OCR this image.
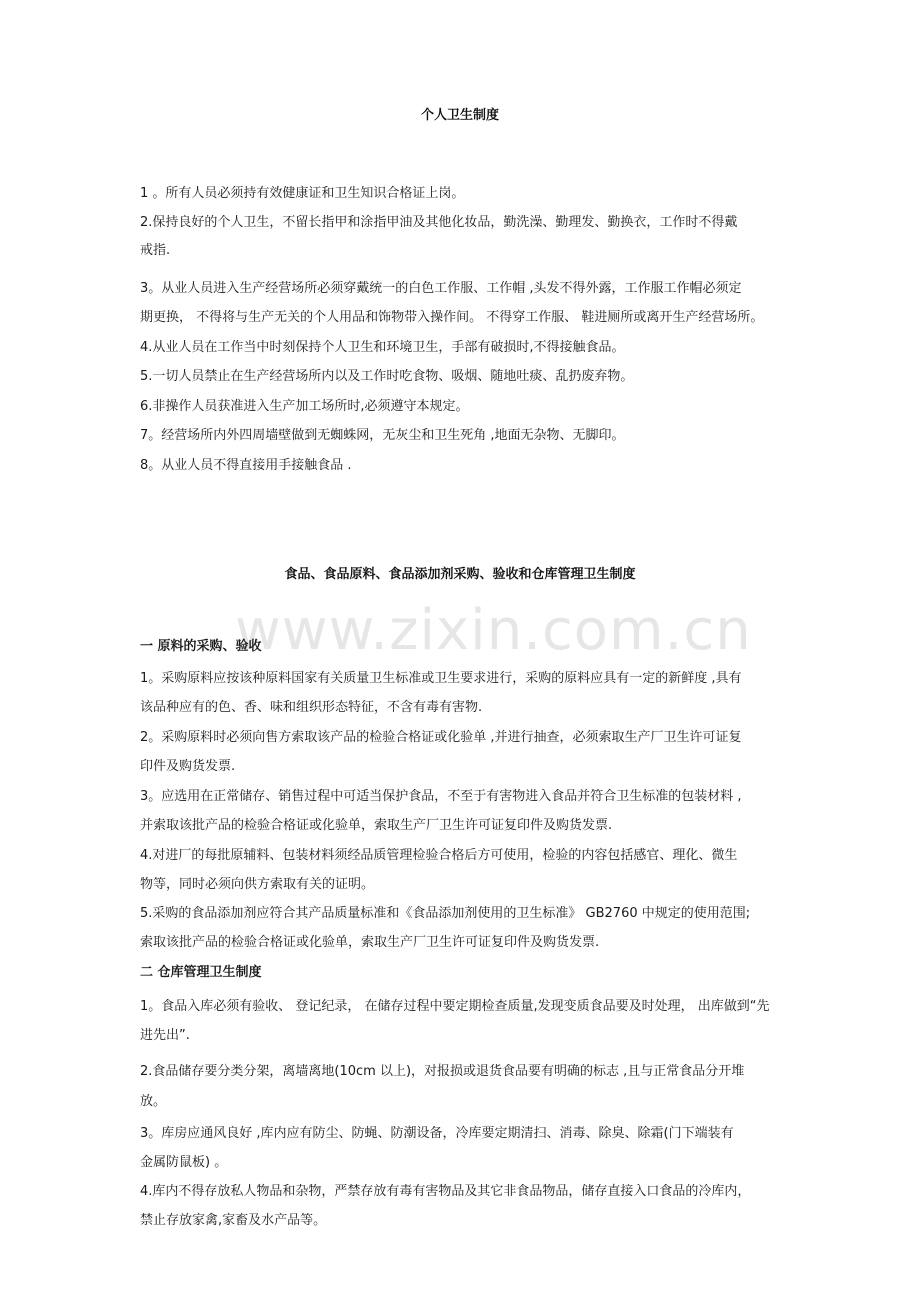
个人卫生制度
1 。所有人员必须持有效健康证和卫生知识合格证上岗。
2.保持良好的个人卫生，不留长指甲和涂指甲油及其他化妆品，勤洗澡、勤理发、勤换衣，工作时不得戴
戒指.
3。从业人员进入生产经营场所必须穿戴统一的白色工作服、工作帽 ,头发不得外露，工作服工作帽必须定
期更换， 不得将与生产无关的个人用品和饰物带入操作间。 不得穿工作服、 鞋进厕所或离开生产经营场所。
4.从业人员在工作当中时刻保持个人卫生和环境卫生，手部有破损时,不得接触食品。
5.一切人员禁止在生产经营场所内以及工作时吃食物、吸烟、随地吐痰、乱扔废弃物。
6.非操作人员获准进入生产加工场所时,必须遵守本规定。
7。经营场所内外四周墙壁做到无蜘蛛网，无灰尘和卫生死角 ,地面无杂物、无脚印。
8。从业人员不得直接用手接触食品 .
食品、食品原料、食品添加剂采购、验收和仓库管理卫生制度
www.zixin.com.cn
一 原料的采购、验收
1。采购原料应按该种原料国家有关质量卫生标准或卫生要求进行，采购的原料应具有一定的新鲜度 ,具有
该品种应有的色、香、味和组织形态特征，不含有毒有害物.
2。采购原料时必须向售方索取该产品的检验合格证或化验单 ,并进行抽查，必须索取生产厂卫生许可证复
印件及购货发票.
3。应选用在正常储存、销售过程中可适当保护食品，不至于有害物进入食品并符合卫生标准的包装材料 ,
并索取该批产品的检验合格证或化验单，索取生产厂卫生许可证复印件及购货发票.
4.对进厂的每批原辅料、包装材料须经品质管理检验合格后方可使用，检验的内容包括感官、理化、微生
物等，同时必须向供方索取有关的证明。
5.采购的食品添加剂应符合其产品质量标准和《食品添加剂使用的卫生标准》 GB2760 中规定的使用范围;
索取该批产品的检验合格证或化验单，索取生产厂卫生许可证复印件及购货发票.
二 仓库管理卫生制度
1。食品入库必须有验收、 登记纪录， 在储存过程中要定期检查质量,发现变质食品要及时处理， 出库做到“先
进先出”.
2.食品储存要分类分架，离墙离地(10cm 以上)，对报损或退货食品要有明确的标志 ,且与正常食品分开堆
放。
3。库房应通风良好 ,库内应有防尘、防蝇、防潮设备，冷库要定期清扫、消毒、除臭、除霜(门下端装有
金属防鼠板) 。
4.库内不得存放私人物品和杂物，严禁存放有毒有害物品及其它非食品物品，储存直接入口食品的冷库内，
禁止存放家禽,家畜及水产品等。
